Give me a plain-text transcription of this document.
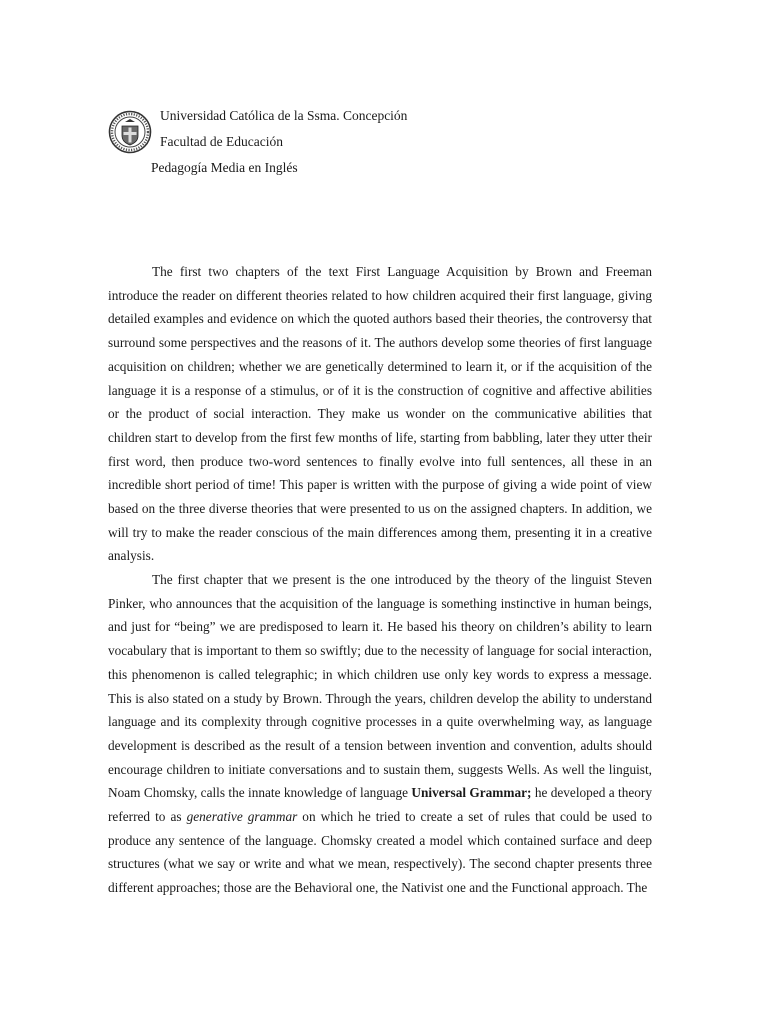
Universidad Católica de la Ssma. Concepción
Facultad de Educación
Pedagogía Media en Inglés

The first two chapters of the text First Language Acquisition by Brown and Freeman introduce the reader on different theories related to how children acquired their first language, giving detailed examples and evidence on which the quoted authors based their theories, the controversy that surround some perspectives and the reasons of it. The authors develop some theories of first language acquisition on children; whether we are genetically determined to learn it, or if the acquisition of the language it is a response of a stimulus, or of it is the construction of cognitive and affective abilities or the product of social interaction. They make us wonder on the communicative abilities that children start to develop from the first few months of life, starting from babbling, later they utter their first word, then produce two-word sentences to finally evolve into full sentences, all these in an incredible short period of time! This paper is written with the purpose of giving a wide point of view based on the three diverse theories that were presented to us on the assigned chapters. In addition, we will try to make the reader conscious of the main differences among them, presenting it in a creative analysis.

The first chapter that we present is the one introduced by the theory of the linguist Steven Pinker, who announces that the acquisition of the language is something instinctive in human beings, and just for “being” we are predisposed to learn it. He based his theory on children’s ability to learn vocabulary that is important to them so swiftly; due to the necessity of language for social interaction, this phenomenon is called telegraphic; in which children use only key words to express a message. This is also stated on a study by Brown. Through the years, children develop the ability to understand language and its complexity through cognitive processes in a quite overwhelming way, as language development is described as the result of a tension between invention and convention, adults should encourage children to initiate conversations and to sustain them, suggests Wells. As well the linguist, Noam Chomsky, calls the innate knowledge of language Universal Grammar; he developed a theory referred to as generative grammar on which he tried to create a set of rules that could be used to produce any sentence of the language. Chomsky created a model which contained surface and deep structures (what we say or write and what we mean, respectively). The second chapter presents three different approaches; those are the Behavioral one, the Nativist one and the Functional approach. The
